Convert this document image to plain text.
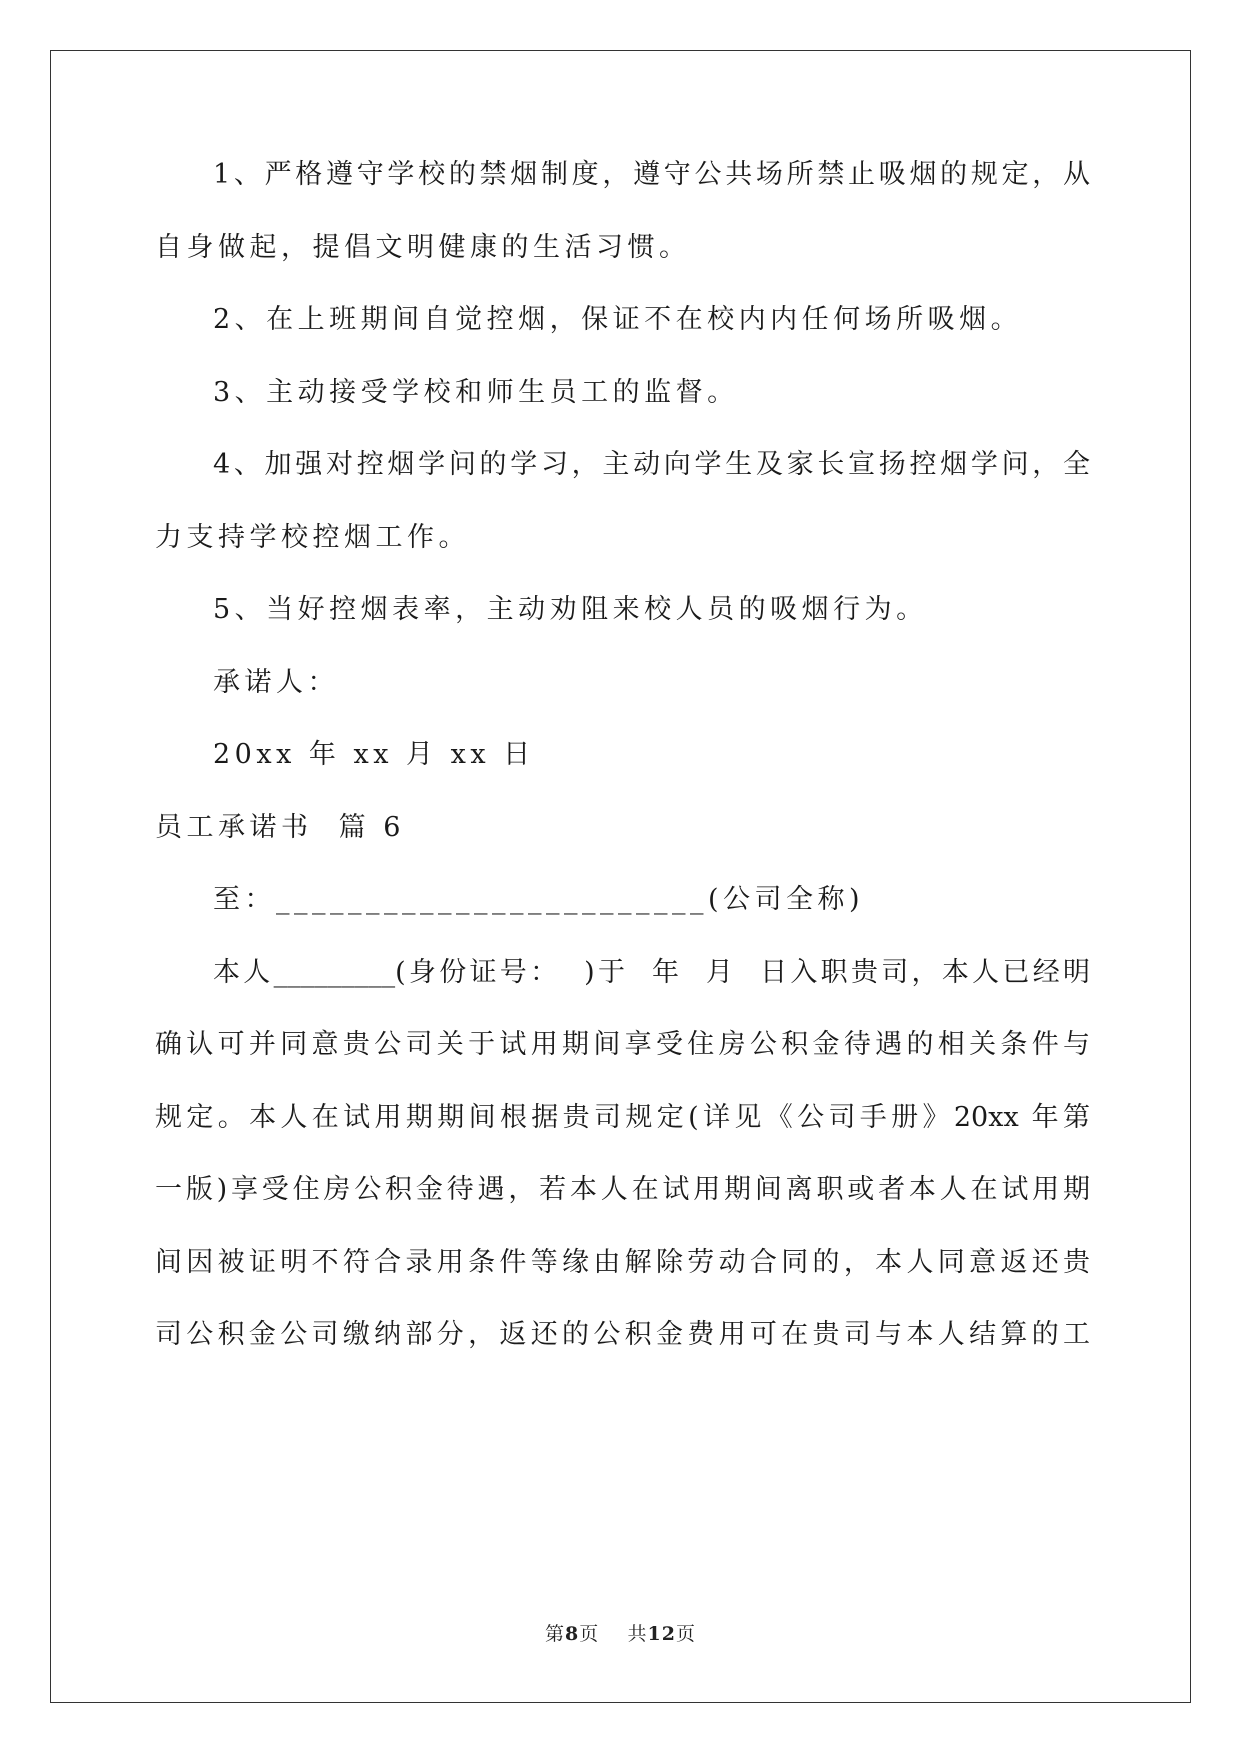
1、严格遵守学校的禁烟制度，遵守公共场所禁止吸烟的规定，从
自身做起，提倡文明健康的生活习惯。
2、在上班期间自觉控烟，保证不在校内内任何场所吸烟。
3、主动接受学校和师生员工的监督。
4、加强对控烟学问的学习，主动向学生及家长宣扬控烟学问，全
力支持学校控烟工作。
5、当好控烟表率，主动劝阻来校人员的吸烟行为。
承诺人：
20xx 年 xx 月 xx 日
员工承诺书  篇 6
至：________________________(公司全称)
本人_________(身份证号：  )于  年  月  日入职贵司，本人已经明
确认可并同意贵公司关于试用期间享受住房公积金待遇的相关条件与
规定。本人在试用期期间根据贵司规定(详见《公司手册》20xx 年第
一版)享受住房公积金待遇，若本人在试用期间离职或者本人在试用期
间因被证明不符合录用条件等缘由解除劳动合同的，本人同意返还贵
司公积金公司缴纳部分，返还的公积金费用可在贵司与本人结算的工
第8页 共12页
